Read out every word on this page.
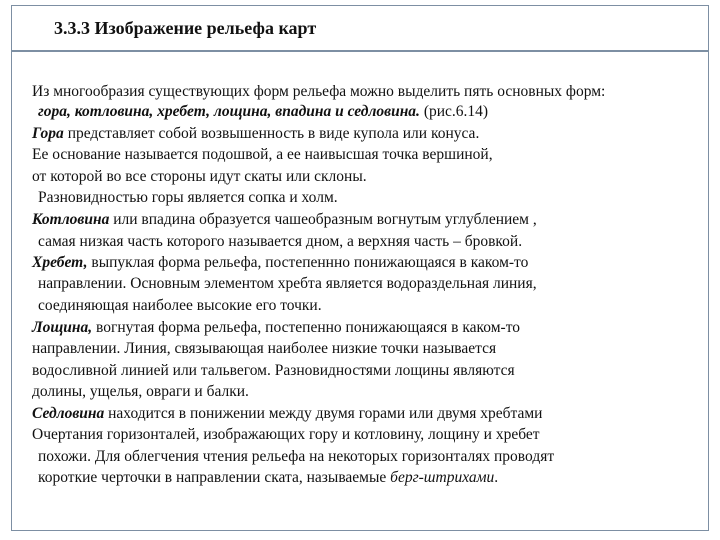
3.3.3 Изображение рельефа карт
Из многообразия существующих форм рельефа можно выделить пять основных форм:
гора, котловина, хребет, лощина, впадина и седловина. (рис.6.14)
Гора представляет собой возвышенность в виде купола или конуса.
Ее основание называется подошвой, а ее наивысшая точка вершиной,
от которой во все стороны идут скаты или склоны.
Разновидностью горы является сопка и холм.
Котловина или впадина образуется чашеобразным вогнутым углублением ,
самая низкая часть которого называется дном, а верхняя часть – бровкой.
Хребет, выпуклая форма рельефа, постепеннно понижающаяся в каком-то
направлении. Основным элементом хребта является водораздельная линия,
соединяющая наиболее высокие его точки.
Лощина, вогнутая форма рельефа, постепенно понижающаяся в каком-то
направлении. Линия, связывающая наиболее низкие точки называется
водосливной линией или тальвегом. Разновидностями лощины являются
долины, ущелья, овраги и балки.
Седловина находится в понижении между двумя горами или двумя хребтами
Очертания горизонталей, изображающих гору и котловину, лощину и хребет
похожи. Для облегчения чтения рельефа на некоторых горизонталях проводят
короткие черточки в направлении ската, называемые берг-штрихами.
